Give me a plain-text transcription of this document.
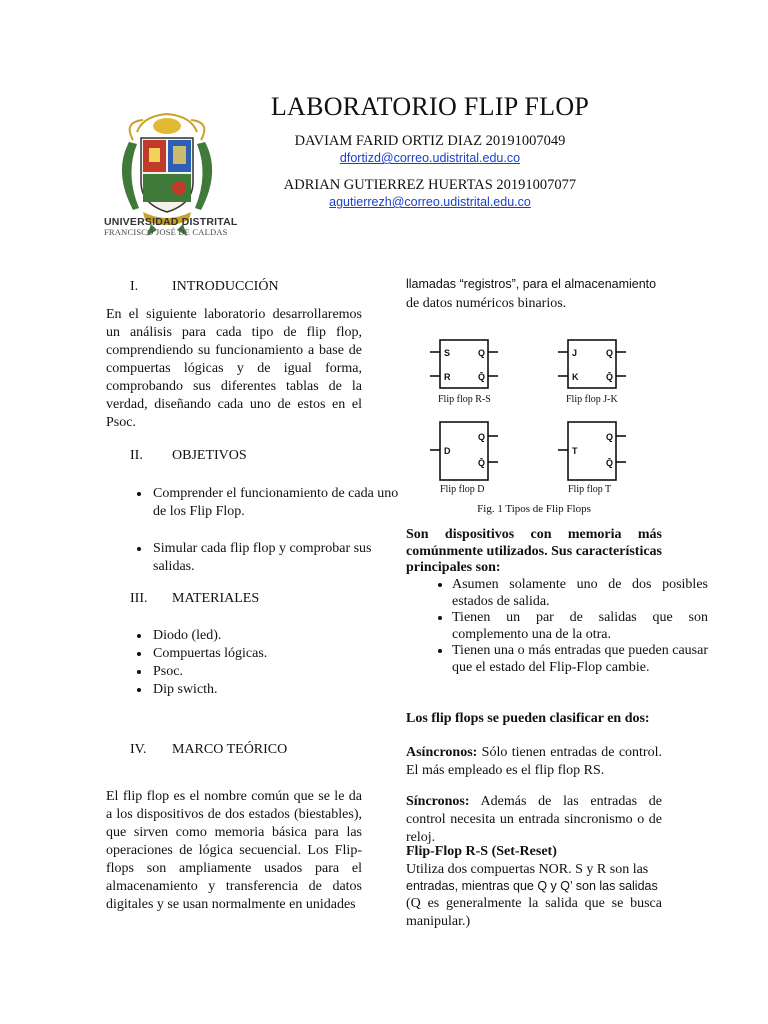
UNIVERSIDAD DISTRITAL
FRANCISCO JOSÉ DE CALDAS
LABORATORIO FLIP FLOP
DAVIAM FARID ORTIZ DIAZ 20191007049
dfortizd@correo.udistrital.edu.co
ADRIAN GUTIERREZ HUERTAS 20191007077
agutierrezh@correo.udistrital.edu.co
I. INTRODUCCIÓN

En el siguiente laboratorio desarrollaremos un análisis para cada tipo de flip flop, comprendiendo su funcionamiento a base de compuertas lógicas y de igual forma, comprobando sus diferentes tablas de la verdad, diseñando cada uno de estos en el Psoc.

II. OBJETIVOS
• Comprender el funcionamiento de cada uno de los Flip Flop.
• Simular cada flip flop y comprobar sus salidas.
III. MATERIALES
• Diodo (led).
• Compuertas lógicas.
• Psoc.
• Dip swicth.
IV. MARCO TEÓRICO

El flip flop es el nombre común que se le da a los dispositivos de dos estados (biestables), que sirven como memoria básica para las operaciones de lógica secuencial. Los Flip-flops son ampliamente usados para el almacenamiento y transferencia de datos digitales y se usan normalmente en unidades

llamadas “registros”, para el almacenamiento
de datos numéricos binarios.
S
R
Q
Q̄
J
K
Q
Q̄
D
Q
Q̄
T
Q
Q̄
Flip flop R-S	Flip flop J-K
Flip flop D	Flip flop T
Fig. 1 Tipos de Flip Flops

Son dispositivos con memoria más comúnmente utilizados. Sus características principales son:

• Asumen solamente uno de dos posibles estados de salida.
• Tienen un par de salidas que son complemento una de la otra.
• Tienen una o más entradas que pueden causar que el estado del Flip-Flop cambie.

Los flip flops se pueden clasificar en dos:

Asíncronos: Sólo tienen entradas de control. El más empleado es el flip flop RS.

Síncronos: Además de las entradas de control necesita un entrada sincronismo o de reloj.

Flip-Flop R-S (Set-Reset)

Utiliza dos compuertas NOR. S y R son las
entradas, mientras que Q y Q’ son las salidas

(Q es generalmente la salida que se busca manipular.)
